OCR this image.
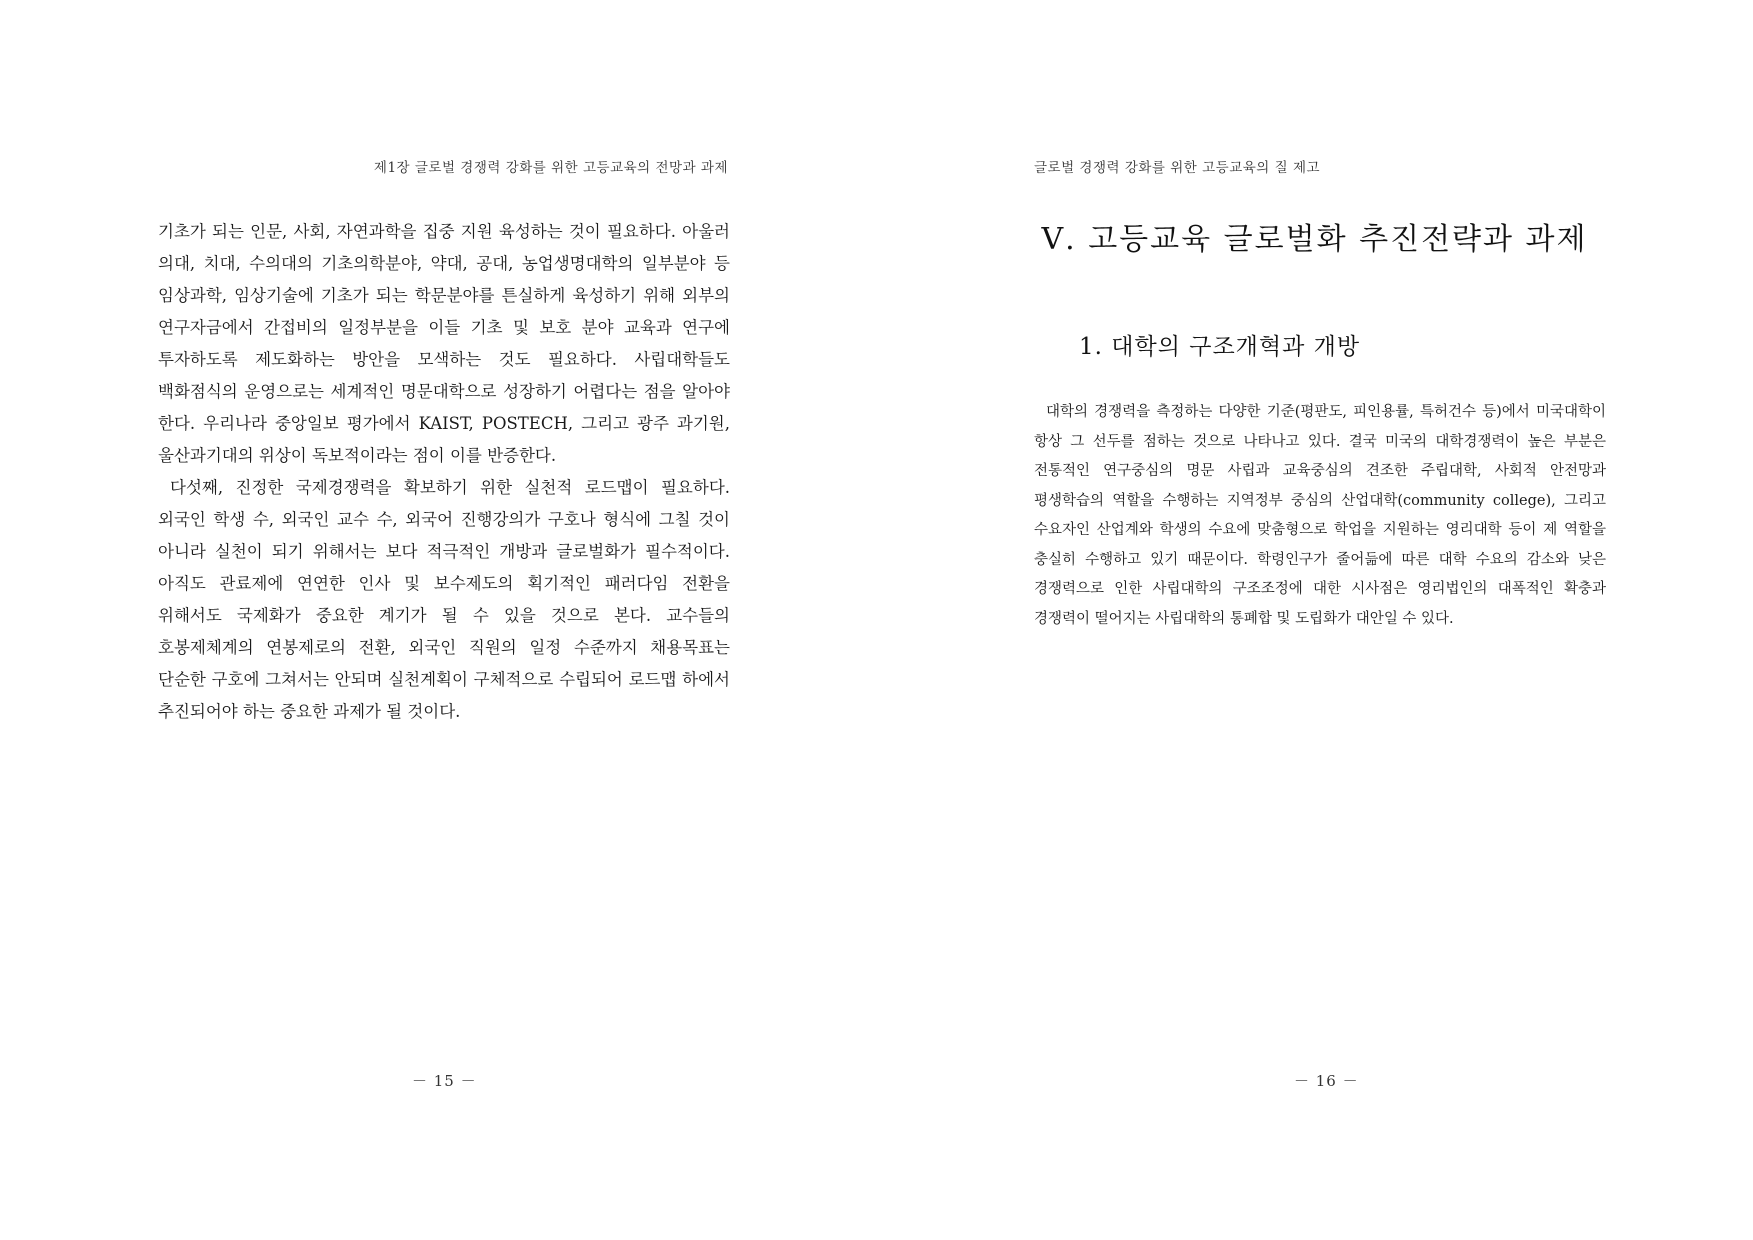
제1장 글로벌 경쟁력 강화를 위한 고등교육의 전망과 과제

기초가 되는 인문, 사회, 자연과학을 집중 지원 육성하는 것이 필요하다. 아울러 의대, 치대, 수의대의 기초의학분야, 약대, 공대, 농업생명대학의 일부분야 등 임상과학, 임상기술에 기초가 되는 학문분야를 튼실하게 육성하기 위해 외부의 연구자금에서 간접비의 일정부분을 이들 기초 및 보호 분야 교육과 연구에 투자하도록 제도화하는 방안을 모색하는 것도 필요하다. 사립대학들도 백화점식의 운영으로는 세계적인 명문대학으로 성장하기 어렵다는 점을 알아야 한다. 우리나라 중앙일보 평가에서 KAIST, POSTECH, 그리고 광주 과기원, 울산과기대의 위상이 독보적이라는 점이 이를 반증한다.

다섯째, 진정한 국제경쟁력을 확보하기 위한 실천적 로드맵이 필요하다. 외국인 학생 수, 외국인 교수 수, 외국어 진행강의가 구호나 형식에 그칠 것이 아니라 실천이 되기 위해서는 보다 적극적인 개방과 글로벌화가 필수적이다. 아직도 관료제에 연연한 인사 및 보수제도의 획기적인 패러다임 전환을 위해서도 국제화가 중요한 계기가 될 수 있을 것으로 본다. 교수들의 호봉제체계의 연봉제로의 전환, 외국인 직원의 일정 수준까지 채용목표는 단순한 구호에 그쳐서는 안되며 실천계획이 구체적으로 수립되어 로드맵 하에서 추진되어야 하는 중요한 과제가 될 것이다.

－ 15 －
글로벌 경쟁력 강화를 위한 고등교육의 질 제고
Ⅴ. 고등교육 글로벌화 추진전략과 과제
1. 대학의 구조개혁과 개방

대학의 경쟁력을 측정하는 다양한 기준(평판도, 피인용률, 특허건수 등)에서 미국대학이 항상 그 선두를 점하는 것으로 나타나고 있다. 결국 미국의 대학경쟁력이 높은 부분은 전통적인 연구중심의 명문 사립과 교육중심의 견조한 주립대학, 사회적 안전망과 평생학습의 역할을 수행하는 지역정부 중심의 산업대학(community college), 그리고 수요자인 산업계와 학생의 수요에 맞춤형으로 학업을 지원하는 영리대학 등이 제 역할을 충실히 수행하고 있기 때문이다. 학령인구가 줄어듦에 따른 대학 수요의 감소와 낮은 경쟁력으로 인한 사립대학의 구조조정에 대한 시사점은 영리법인의 대폭적인 확충과 경쟁력이 떨어지는 사립대학의 통폐합 및 도립화가 대안일 수 있다.

－ 16 －
